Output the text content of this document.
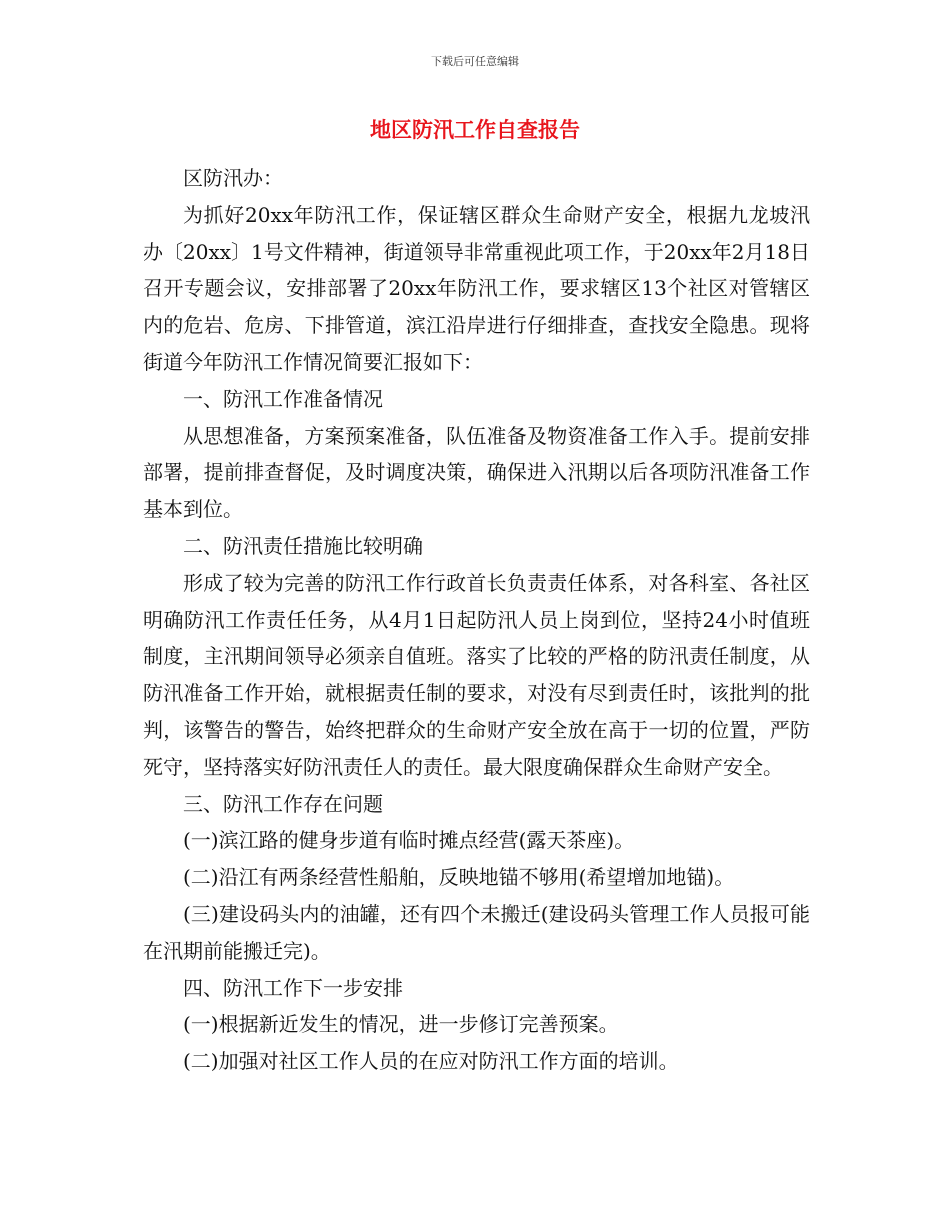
下载后可任意编辑
地区防汛工作自查报告

区防汛办：

为抓好20xx年防汛工作，保证辖区群众生命财产安全，根据九龙坡汛办〔20xx〕1号文件精神，街道领导非常重视此项工作，于20xx年2月18日召开专题会议，安排部署了20xx年防汛工作，要求辖区13个社区对管辖区内的危岩、危房、下排管道，滨江沿岸进行仔细排查，查找安全隐患。现将街道今年防汛工作情况简要汇报如下：

一、防汛工作准备情况

从思想准备，方案预案准备，队伍准备及物资准备工作入手。提前安排部署，提前排查督促，及时调度决策，确保进入汛期以后各项防汛准备工作基本到位。

二、防汛责任措施比较明确

形成了较为完善的防汛工作行政首长负责责任体系，对各科室、各社区明确防汛工作责任任务，从4月1日起防汛人员上岗到位，坚持24小时值班制度，主汛期间领导必须亲自值班。落实了比较的严格的防汛责任制度，从防汛准备工作开始，就根据责任制的要求，对没有尽到责任时，该批判的批判，该警告的警告，始终把群众的生命财产安全放在高于一切的位置，严防死守，坚持落实好防汛责任人的责任。最大限度确保群众生命财产安全。

三、防汛工作存在问题

(一)滨江路的健身步道有临时摊点经营(露天茶座)。

(二)沿江有两条经营性船舶，反映地锚不够用(希望增加地锚)。

(三)建设码头内的油罐，还有四个未搬迁(建设码头管理工作人员报可能在汛期前能搬迁完)。

四、防汛工作下一步安排

(一)根据新近发生的情况，进一步修订完善预案。

(二)加强对社区工作人员的在应对防汛工作方面的培训。
